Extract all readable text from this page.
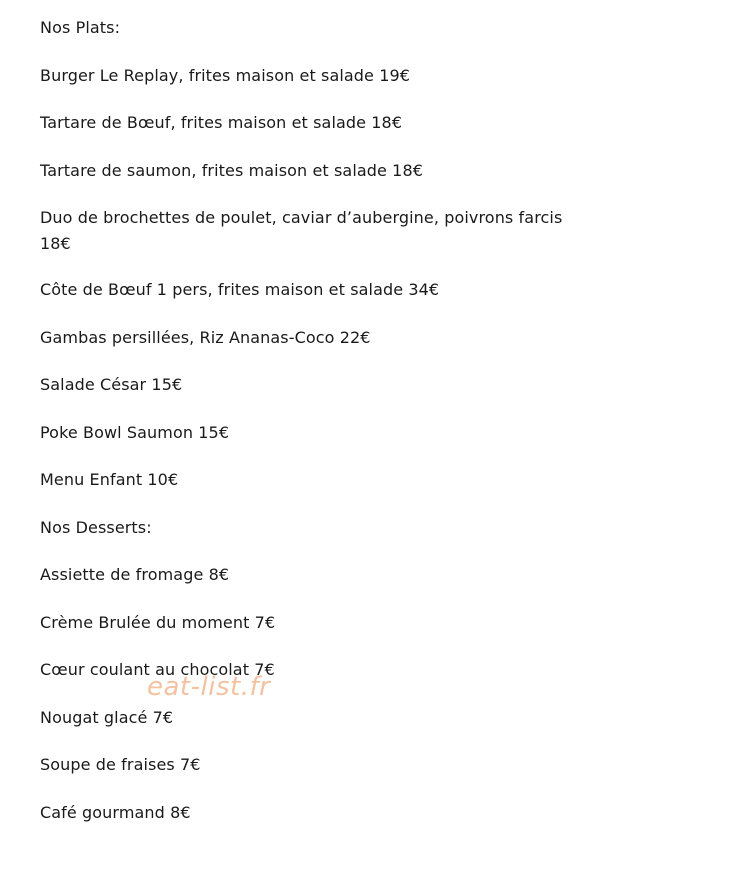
Nos Plats:
Burger Le Replay, frites maison et salade 19€
Tartare de Bœuf, frites maison et salade 18€
Tartare de saumon, frites maison et salade 18€
Duo de brochettes de poulet, caviar d’aubergine, poivrons farcis 18€
Côte de Bœuf 1 pers, frites maison et salade 34€
Gambas persillées, Riz Ananas-Coco 22€
Salade César 15€
Poke Bowl Saumon 15€
Menu Enfant 10€
Nos Desserts:
Assiette de fromage 8€
Crème Brulée du moment 7€
Cœur coulant au chocolat 7€
Nougat glacé 7€
Soupe de fraises 7€
Café gourmand 8€
eat-list.fr
